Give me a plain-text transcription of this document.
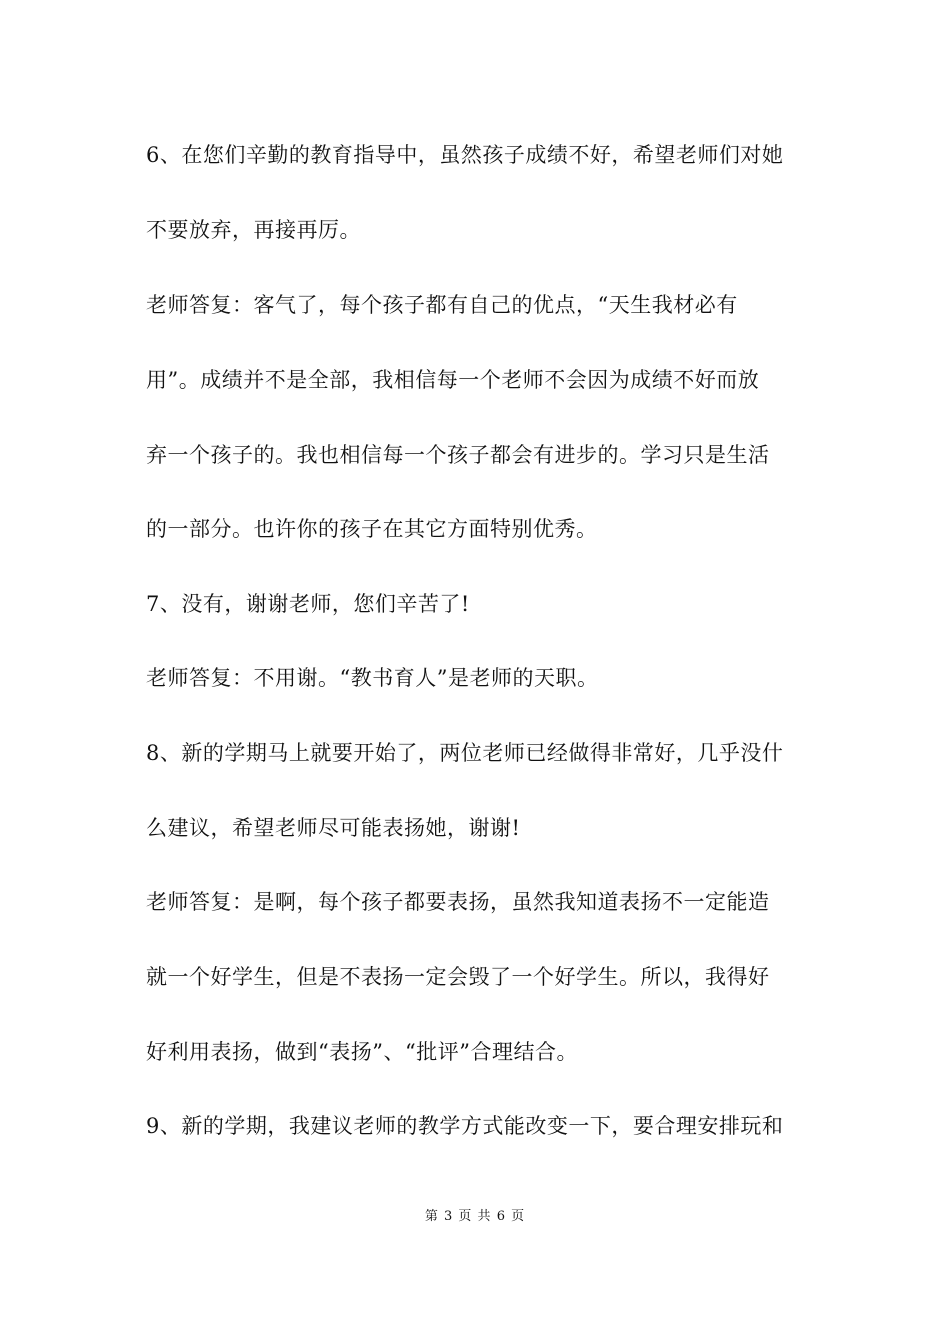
6、在您们辛勤的教育指导中，虽然孩子成绩不好，希望老师们对她
不要放弃，再接再厉。
老师答复：客气了，每个孩子都有自己的优点，“天生我材必有
用”。成绩并不是全部，我相信每一个老师不会因为成绩不好而放
弃一个孩子的。我也相信每一个孩子都会有进步的。学习只是生活
的一部分。也许你的孩子在其它方面特别优秀。
7、没有，谢谢老师，您们辛苦了!
老师答复：不用谢。“教书育人”是老师的天职。
8、新的学期马上就要开始了，两位老师已经做得非常好，几乎没什
么建议，希望老师尽可能表扬她，谢谢!
老师答复：是啊，每个孩子都要表扬，虽然我知道表扬不一定能造
就一个好学生，但是不表扬一定会毁了一个好学生。所以，我得好
好利用表扬，做到“表扬”、“批评”合理结合。
9、新的学期，我建议老师的教学方式能改变一下，要合理安排玩和
第 3 页 共 6 页
